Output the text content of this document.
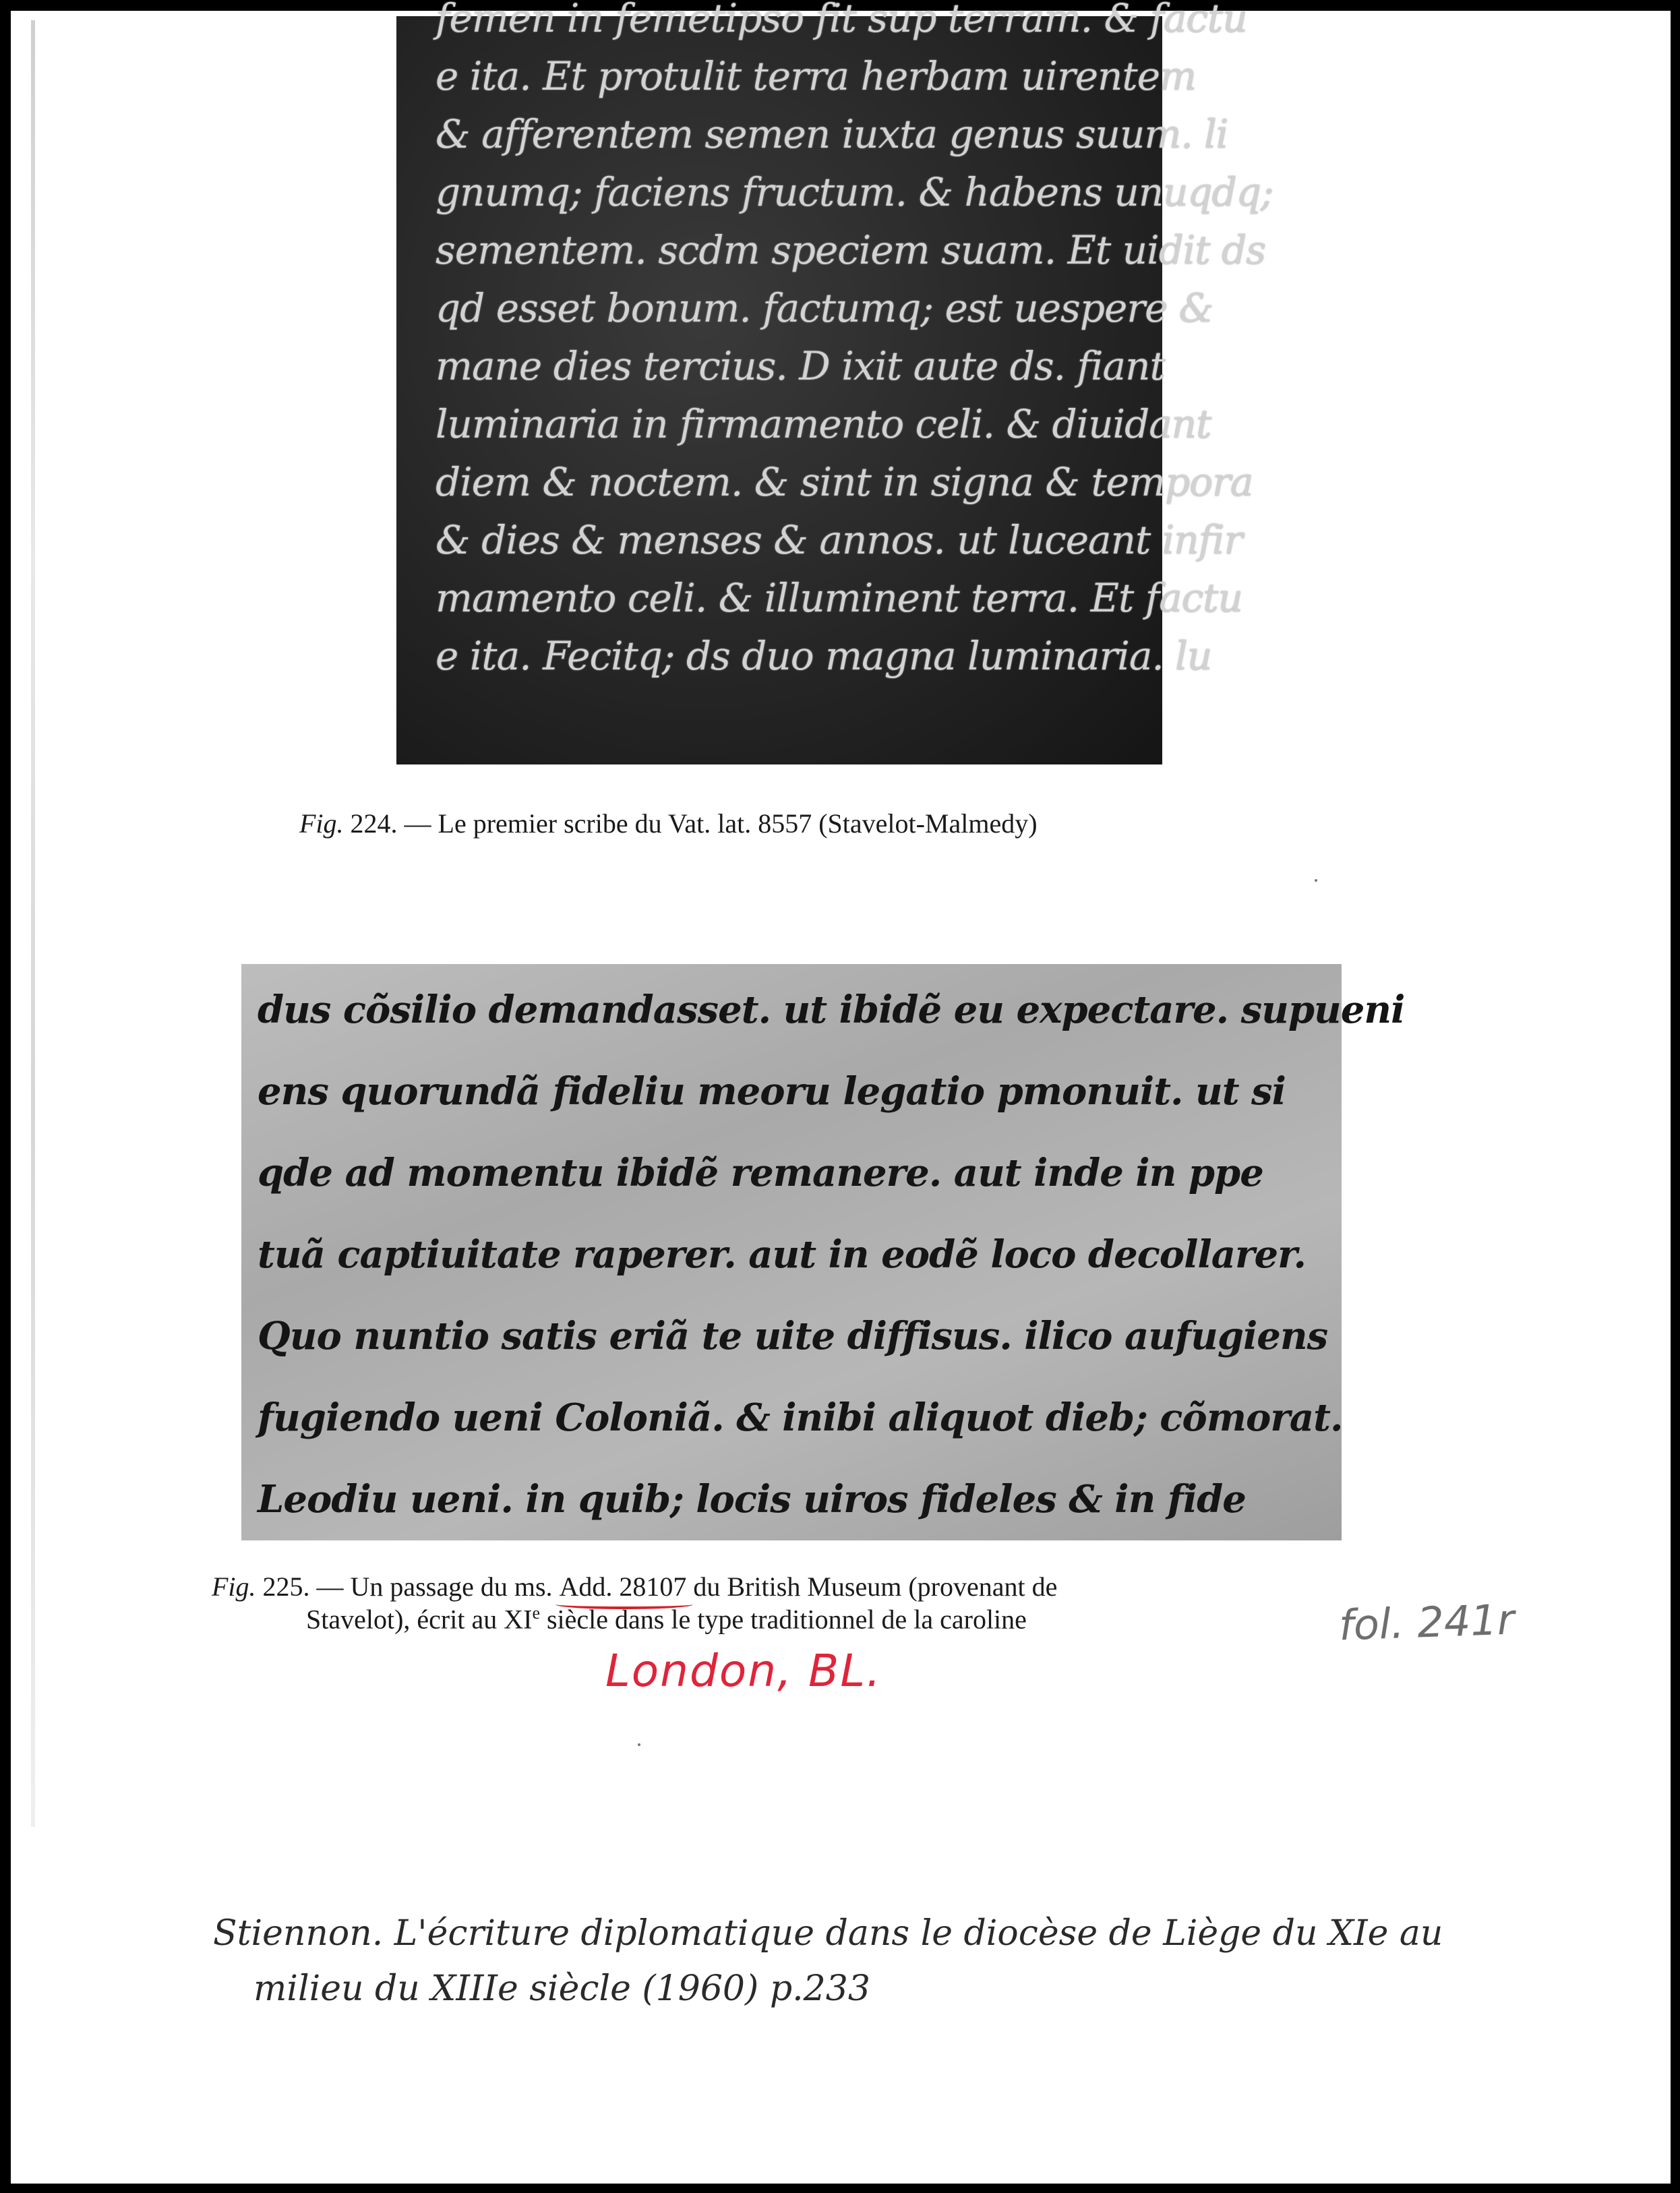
femen in femetipso fit sup terram. & factu
e ita. Et protulit terra herbam uirentem
& afferentem semen iuxta genus suum. li
gnumq; faciens fructum. & habens unuqdq;
sementem. scdm speciem suam. Et uidit ds
qd esset bonum. factumq; est uespere &
mane dies tercius. D ixit aute ds. fiant
luminaria in firmamento celi. & diuidant
diem & noctem. & sint in signa & tempora
& dies & menses & annos. ut luceant infir
mamento celi. & illuminent terra. Et factu
e ita. Fecitq; ds duo magna luminaria. lu
Fig. 224. — Le premier scribe du Vat. lat. 8557 (Stavelot-Malmedy)
dus cõsilio demandasset. ut ibidẽ eu expectare. supueni
ens quorundã fideliu meoru legatio pmonuit. ut si
qde ad momentu ibidẽ remanere. aut inde in ppe
tuã captiuitate raperer. aut in eodẽ loco decollarer.
Quo nuntio satis eriã te uite diffisus. ilico aufugiens
fugiendo ueni Coloniã. & inibi aliquot dieb; cõmorat.
Leodiu ueni. in quib; locis uiros fideles & in fide
Fig. 225. — Un passage du ms. Add. 28107 du British Museum (provenant de
Stavelot), écrit au XIe siècle dans le type traditionnel de la caroline
London, BL.
fol. 241r
Stiennon. L'écriture diplomatique dans le diocèse de Liège du XIe au
milieu du XIIIe siècle (1960) p.233
